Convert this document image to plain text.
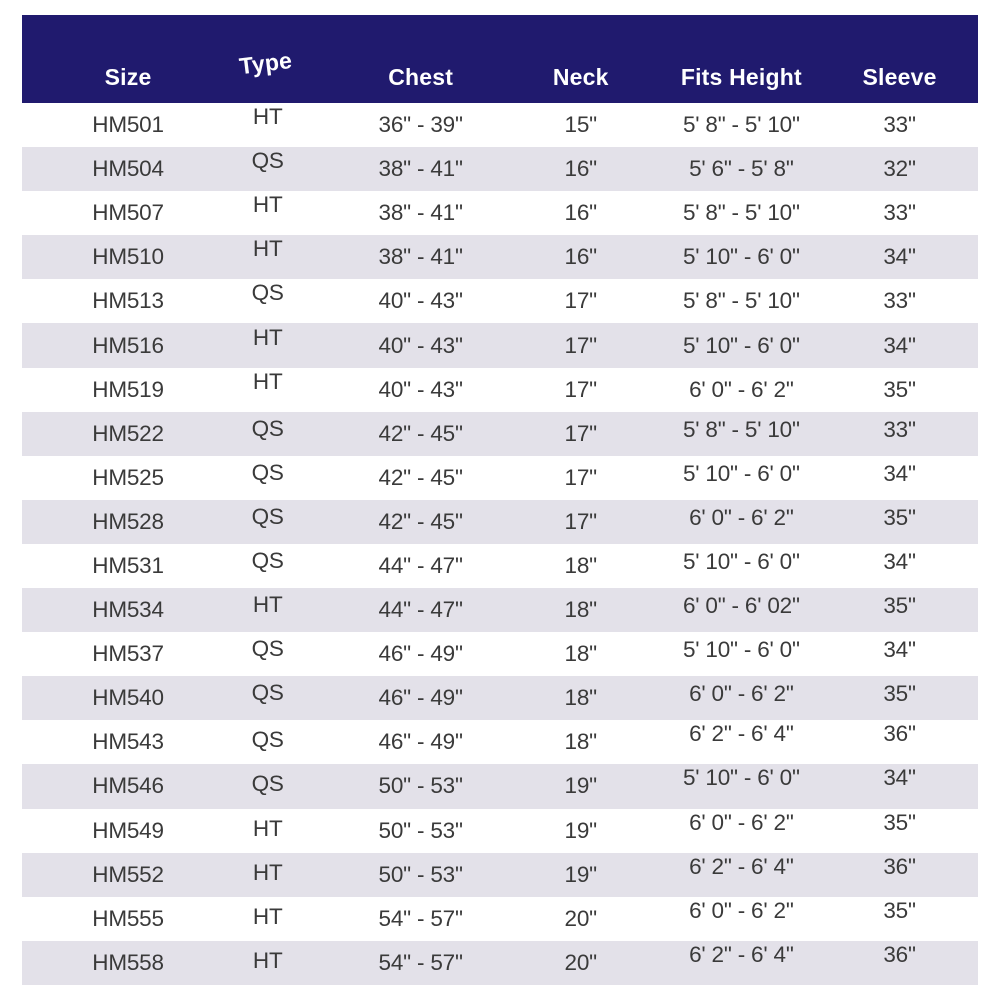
Size	Type	Chest	Neck	Fits Height	Sleeve
HM501	HT	36" - 39"	15"	5' 8" - 5' 10"	33"
HM504	QS	38" - 41"	16"	5' 6" - 5' 8"	32"
HM507	HT	38" - 41"	16"	5' 8" - 5' 10"	33"
HM510	HT	38" - 41"	16"	5' 10" - 6' 0"	34"
HM513	QS	40" - 43"	17"	5' 8" - 5' 10"	33"
HM516	HT	40" - 43"	17"	5' 10" - 6' 0"	34"
HM519	HT	40" - 43"	17"	6' 0" - 6' 2"	35"
HM522	QS	42" - 45"	17"	5' 8" - 5' 10"	33"
HM525	QS	42" - 45"	17"	5' 10" - 6' 0"	34"
HM528	QS	42" - 45"	17"	6' 0" - 6' 2"	35"
HM531	QS	44" - 47"	18"	5' 10" - 6' 0"	34"
HM534	HT	44" - 47"	18"	6' 0" - 6' 02"	35"
HM537	QS	46" - 49"	18"	5' 10" - 6' 0"	34"
HM540	QS	46" - 49"	18"	6' 0" - 6' 2"	35"
HM543	QS	46" - 49"	18"	6' 2" - 6' 4"	36"
HM546	QS	50" - 53"	19"	5' 10" - 6' 0"	34"
HM549	HT	50" - 53"	19"	6' 0" - 6' 2"	35"
HM552	HT	50" - 53"	19"	6' 2" - 6' 4"	36"
HM555	HT	54" - 57"	20"	6' 0" - 6' 2"	35"
HM558	HT	54" - 57"	20"	6' 2" - 6' 4"	36"
